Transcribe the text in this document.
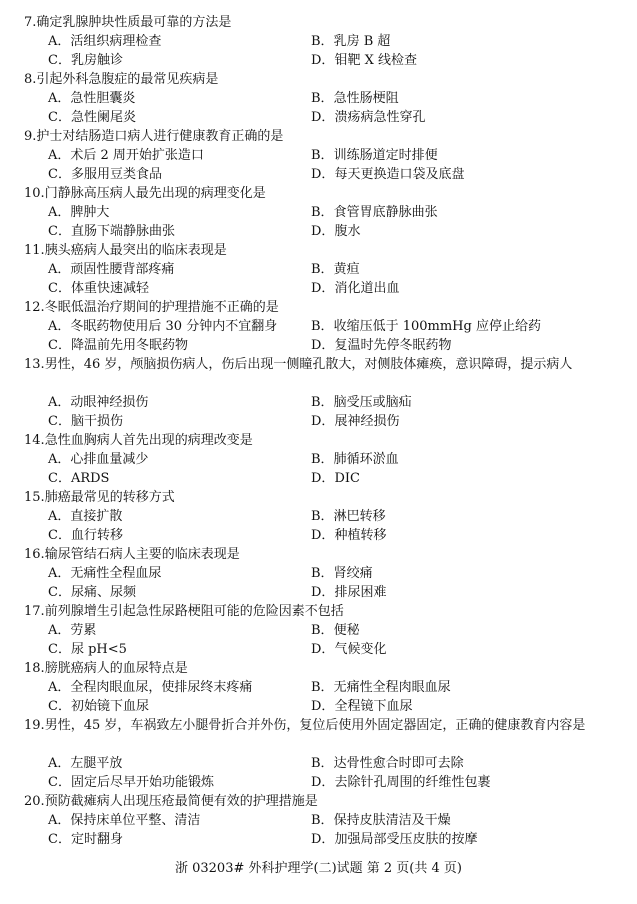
7.确定乳腺肿块性质最可靠的方法是
A．活组织病理检查	B．乳房 B 超
C．乳房触诊	D．钼靶 X 线检查
8.引起外科急腹症的最常见疾病是
A．急性胆囊炎	B．急性肠梗阻
C．急性阑尾炎	D．溃疡病急性穿孔
9.护士对结肠造口病人进行健康教育正确的是
A．术后 2 周开始扩张造口	B．训练肠道定时排便
C．多服用豆类食品	D．每天更换造口袋及底盘
10.门静脉高压病人最先出现的病理变化是
A．脾肿大	B．食管胃底静脉曲张
C．直肠下端静脉曲张	D．腹水
11.胰头癌病人最突出的临床表现是
A．顽固性腰背部疼痛	B．黄疸
C．体重快速减轻	D．消化道出血
12.冬眠低温治疗期间的护理措施不正确的是
A．冬眠药物使用后 30 分钟内不宜翻身	B．收缩压低于 100mmHg 应停止给药
C．降温前先用冬眠药物	D．复温时先停冬眠药物
13.男性，46 岁，颅脑损伤病人，伤后出现一侧瞳孔散大，对侧肢体瘫痪，意识障碍，提示病人
A．动眼神经损伤	B．脑受压或脑疝
C．脑干损伤	D．展神经损伤
14.急性血胸病人首先出现的病理改变是
A．心排血量减少	B．肺循环淤血
C．ARDS	D．DIC
15.肺癌最常见的转移方式
A．直接扩散	B．淋巴转移
C．血行转移	D．种植转移
16.输尿管结石病人主要的临床表现是
A．无痛性全程血尿	B．肾绞痛
C．尿痛、尿频	D．排尿困难
17.前列腺增生引起急性尿路梗阻可能的危险因素不包括
A．劳累	B．便秘
C．尿 pH<5	D．气候变化
18.膀胱癌病人的血尿特点是
A．全程肉眼血尿，使排尿终末疼痛	B．无痛性全程肉眼血尿
C．初始镜下血尿	D．全程镜下血尿
19.男性，45 岁，车祸致左小腿骨折合并外伤，复位后使用外固定器固定，正确的健康教育内容是
A．左腿平放	B．达骨性愈合时即可去除
C．固定后尽早开始功能锻炼	D．去除针孔周围的纤维性包裹
20.预防截瘫病人出现压疮最简便有效的护理措施是
A．保持床单位平整、清洁	B．保持皮肤清洁及干燥
C．定时翻身	D．加强局部受压皮肤的按摩
浙 03203# 外科护理学(二)试题 第 2 页(共 4 页)
